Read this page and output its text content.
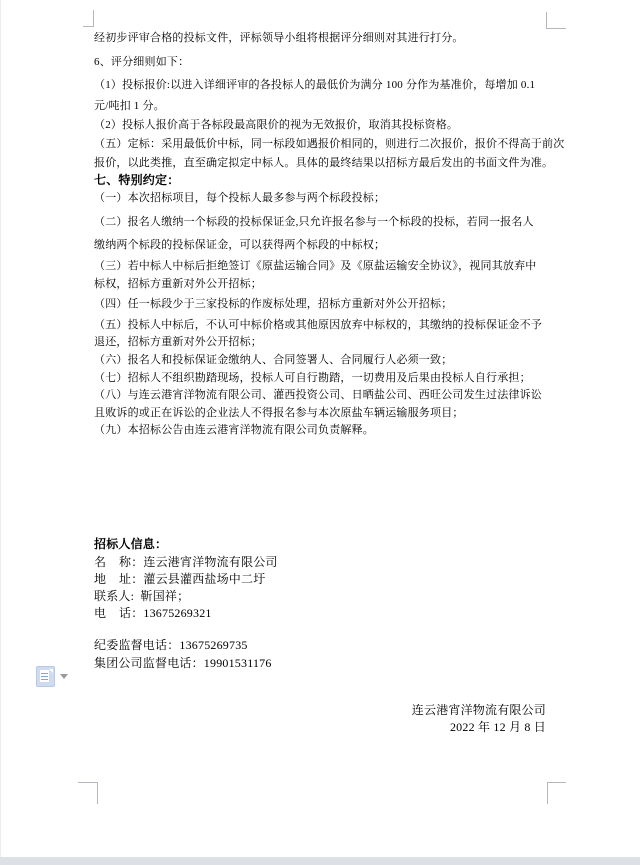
经初步评审合格的投标文件，评标领导小组将根据评分细则对其进行打分。

6、评分细则如下：

（1）投标报价:以进入详细评审的各投标人的最低价为满分 100 分作为基准价，每增加 0.1

元/吨扣 1 分。

（2）投标人报价高于各标段最高限价的视为无效报价，取消其投标资格。

（五）定标：采用最低价中标，同一标段如遇报价相同的，则进行二次报价，报价不得高于前次

报价，以此类推，直至确定拟定中标人。具体的最终结果以招标方最后发出的书面文件为准。

七、特别约定：

（一）本次招标项目，每个投标人最多参与两个标段投标；

（二）报名人缴纳一个标段的投标保证金,只允许报名参与一个标段的投标，若同一报名人

缴纳两个标段的投标保证金，可以获得两个标段的中标权；

（三）若中标人中标后拒绝签订《原盐运输合同》及《原盐运输安全协议》，视同其放弃中

标权，招标方重新对外公开招标；

（四）任一标段少于三家投标的作废标处理，招标方重新对外公开招标；

（五）投标人中标后，不认可中标价格或其他原因放弃中标权的，其缴纳的投标保证金不予

退还，招标方重新对外公开招标；

（六）报名人和投标保证金缴纳人、合同签署人、合同履行人必须一致；

（七）招标人不组织勘踏现场，投标人可自行勘踏，一切费用及后果由投标人自行承担；

（八）与连云港宵洋物流有限公司、灌西投资公司、日晒盐公司、西旺公司发生过法律诉讼

且败诉的或正在诉讼的企业法人不得报名参与本次原盐车辆运输服务项目；

（九）本招标公告由连云港宵洋物流有限公司负责解释。

招标人信息：

名    称：连云港宵洋物流有限公司

地    址：灌云县灌西盐场中二圩

联系人:  靳国祥；

电    话：13675269321

纪委监督电话：13675269735

集团公司监督电话：19901531176

连云港宵洋物流有限公司

2022 年 12 月 8 日
